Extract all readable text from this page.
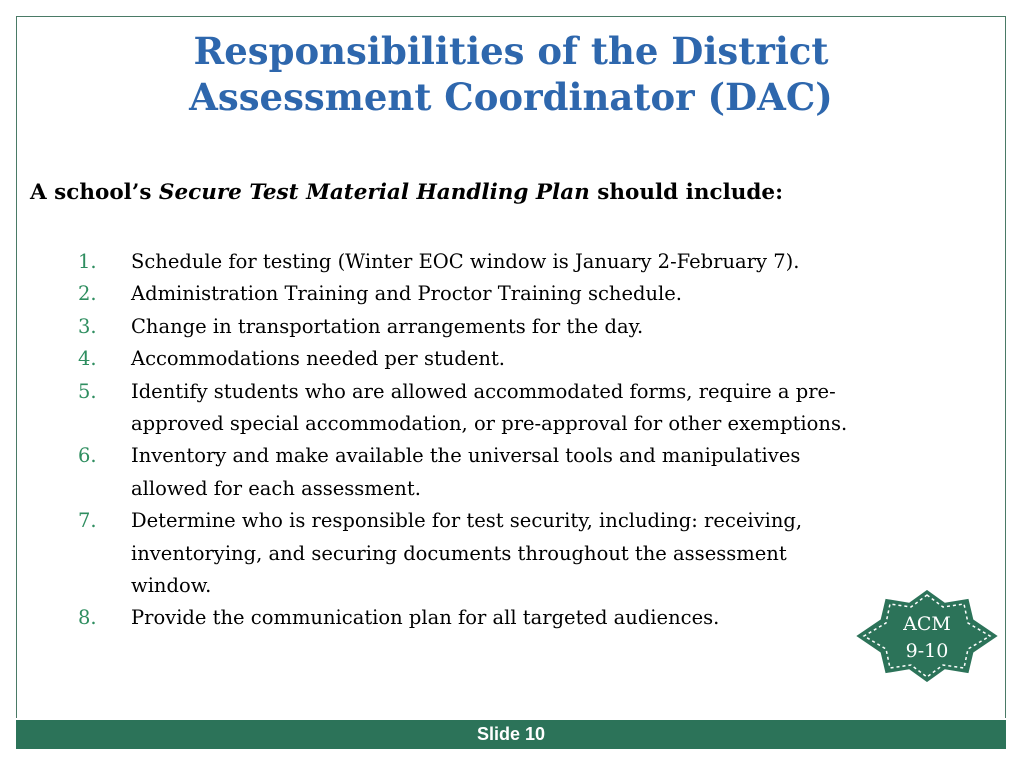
Responsibilities of the District
Assessment Coordinator (DAC)

A school’s Secure Test Material Handling Plan should include:

1. Schedule for testing (Winter EOC window is January 2-February 7).
2. Administration Training and Proctor Training schedule.
3. Change in transportation arrangements for the day.
4. Accommodations needed per student.
5. Identify students who are allowed accommodated forms, require a pre-
approved special accommodation, or pre-approval for other exemptions.
6. Inventory and make available the universal tools and manipulatives
allowed for each assessment.
7. Determine who is responsible for test security, including: receiving,
inventorying, and securing documents throughout the assessment
window.
8. Provide the communication plan for all targeted audiences.	ACM
9-10
Slide 10
